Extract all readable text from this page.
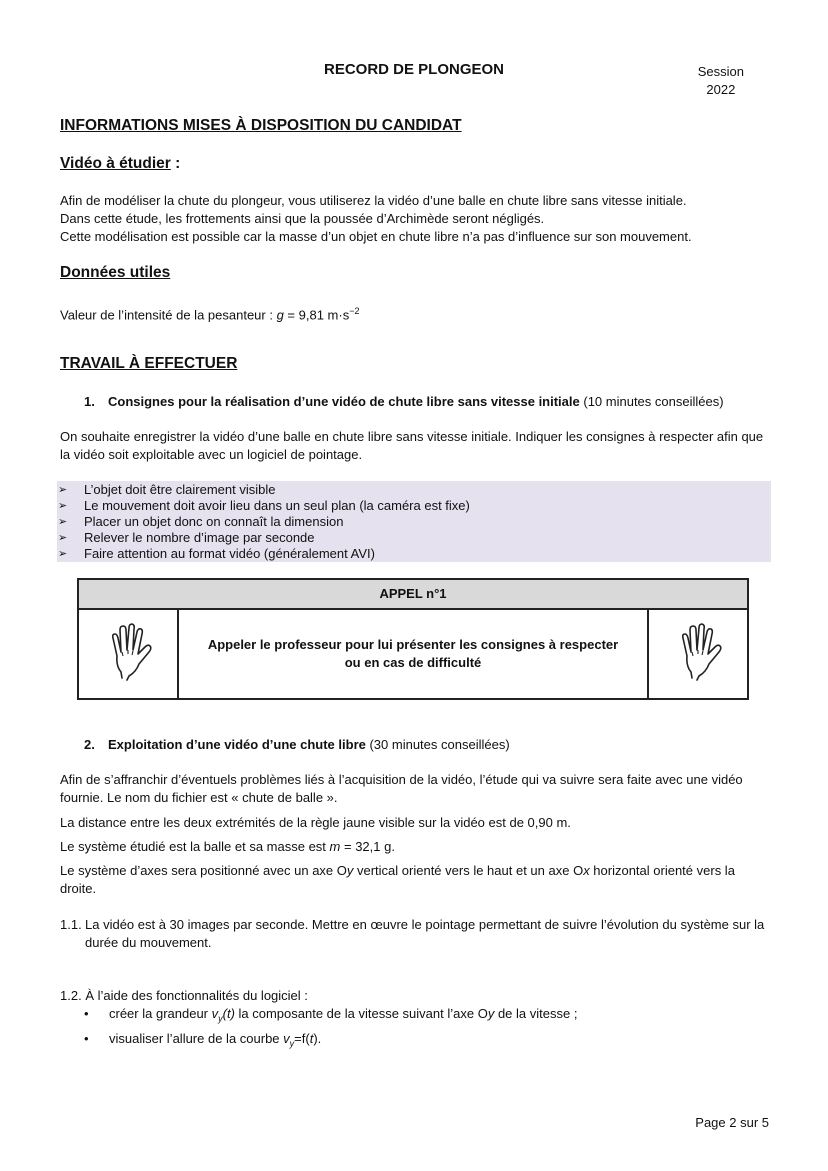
RECORD DE PLONGEON	Session
2022
INFORMATIONS MISES À DISPOSITION DU CANDIDAT
Vidéo à étudier :
Afin de modéliser la chute du plongeur, vous utiliserez la vidéo d’une balle en chute libre sans vitesse initiale.
Dans cette étude, les frottements ainsi que la poussée d’Archimède seront négligés.
Cette modélisation est possible car la masse d’un objet en chute libre n’a pas d’influence sur son mouvement.
Données utiles
Valeur de l’intensité de la pesanteur : g = 9,81 $m\cdot s^{-2}$
TRAVAIL À EFFECTUER
1. Consignes pour la réalisation d’une vidéo de chute libre sans vitesse initiale (10 minutes conseillées)
On souhaite enregistrer la vidéo d’une balle en chute libre sans vitesse initiale. Indiquer les consignes à respecter afin que la vidéo soit exploitable avec un logiciel de pointage.
➢ L’objet doit être clairement visible
➢ Le mouvement doit avoir lieu dans un seul plan (la caméra est fixe)
➢ Placer un objet donc on connaît la dimension
➢ Relever le nombre d’image par seconde
➢ Faire attention au format vidéo (généralement AVI)
APPEL n°1
Appeler le professeur pour lui présenter les consignes à respecter
ou en cas de difficulté
2. Exploitation d’une vidéo d’une chute libre (30 minutes conseillées)
Afin de s’affranchir d’éventuels problèmes liés à l’acquisition de la vidéo, l’étude qui va suivre sera faite avec une vidéo fournie. Le nom du fichier est « chute de balle ».
La distance entre les deux extrémités de la règle jaune visible sur la vidéo est de 0,90 m.
Le système étudié est la balle et sa masse est m = 32,1 g.
Le système d’axes sera positionné avec un axe Oy vertical orienté vers le haut et un axe Ox horizontal orienté vers la droite.
1.1. La vidéo est à 30 images par seconde. Mettre en œuvre le pointage permettant de suivre l’évolution du système sur la durée du mouvement.
1.2. À l’aide des fonctionnalités du logiciel :
• créer la grandeur $v_y(t)$ la composante de la vitesse suivant l’axe Oy de la vitesse ;
• visualiser l’allure de la courbe $v_y=f(t)$.
Page 2 sur 5
